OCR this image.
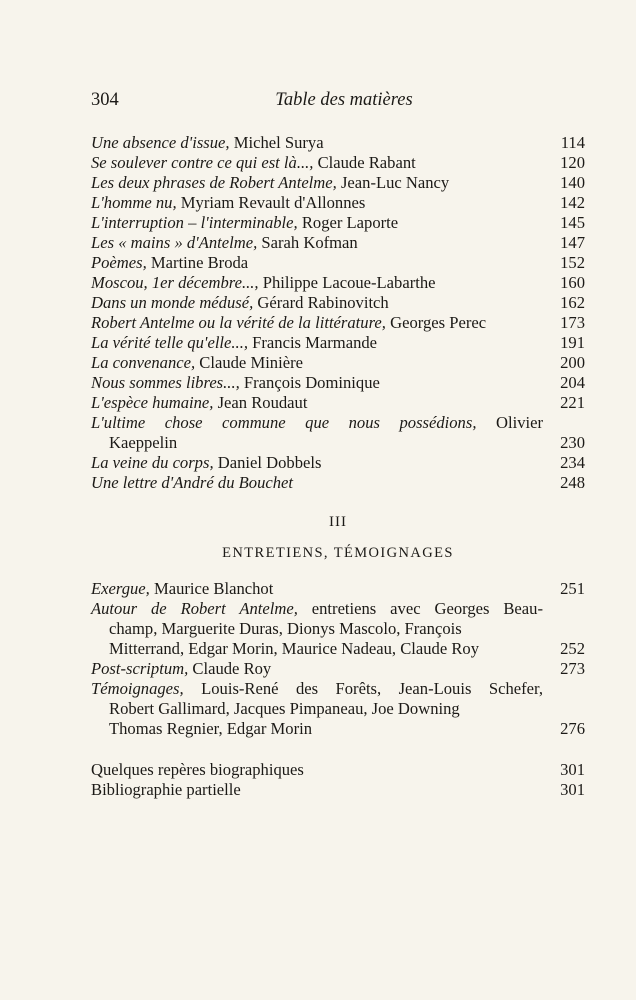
304	Table des matières
Une absence d'issue, Michel Surya	114
Se soulever contre ce qui est là..., Claude Rabant	120
Les deux phrases de Robert Antelme, Jean-Luc Nancy	140
L'homme nu, Myriam Revault d'Allonnes	142
L'interruption – l'interminable, Roger Laporte	145
Les « mains » d'Antelme, Sarah Kofman	147
Poèmes, Martine Broda	152
Moscou, 1er décembre..., Philippe Lacoue-Labarthe	160
Dans un monde médusé, Gérard Rabinovitch	162
Robert Antelme ou la vérité de la littérature, Georges Perec	173
La vérité telle qu'elle..., Francis Marmande	191
La convenance, Claude Minière	200
Nous sommes libres..., François Dominique	204
L'espèce humaine, Jean Roudaut	221
L'ultime chose commune que nous possédions, Olivier
Kaeppelin	230
La veine du corps, Daniel Dobbels	234
Une lettre d'André du Bouchet	248
III
ENTRETIENS, TÉMOIGNAGES
Exergue, Maurice Blanchot	251
Autour de Robert Antelme, entretiens avec Georges Beau-
champ, Marguerite Duras, Dionys Mascolo, François
Mitterrand, Edgar Morin, Maurice Nadeau, Claude Roy	252
Post-scriptum, Claude Roy	273
Témoignages, Louis-René des Forêts, Jean-Louis Schefer,
Robert Gallimard, Jacques Pimpaneau, Joe Downing
Thomas Regnier, Edgar Morin	276
Quelques repères biographiques	301
Bibliographie partielle	301
